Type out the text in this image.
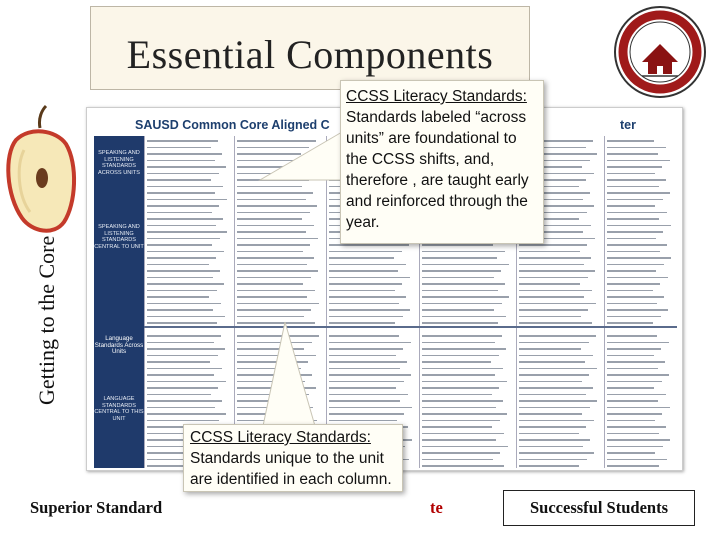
Essential Components
Getting to the Core
SAUSD Common Core Aligned C	ter
SPEAKING AND LISTENING STANDARDS ACROSS UNITS
SPEAKING AND LISTENING STANDARDS CENTRAL TO UNIT
Language Standards Across Units
LANGUAGE STANDARDS CENTRAL TO THIS UNIT
CCSS Literacy Standards:
Standards labeled “across units” are foundational to the CCSS shifts, and, therefore , are taught early and reinforced through the year.
CCSS Literacy Standards:
Standards unique to the unit are identified in each column.
Superior Standard	te	Successful Students
